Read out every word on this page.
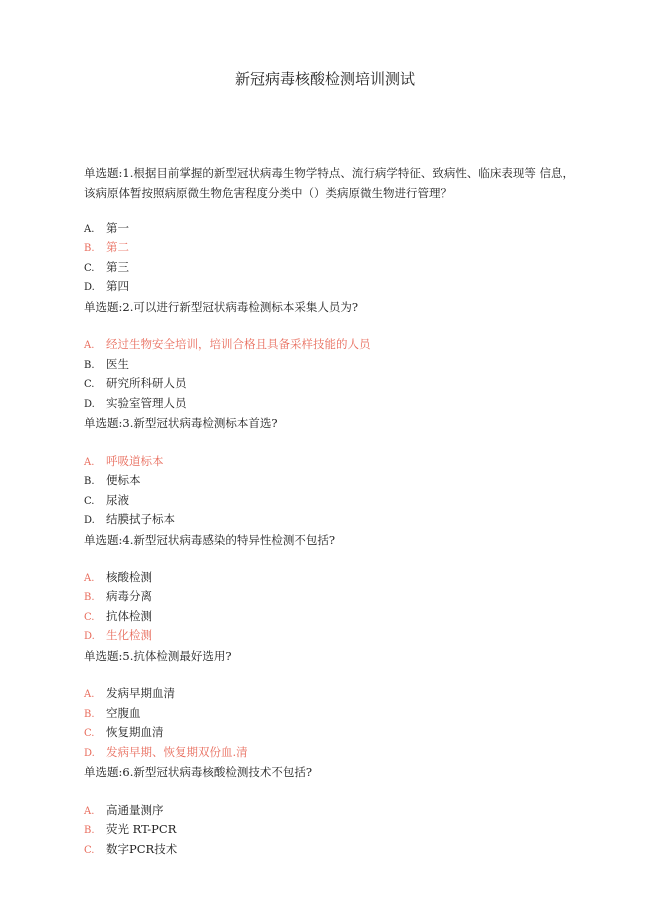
新冠病毒核酸检测培训测试
单选题:1.根据目前掌握的新型冠状病毒生物学特点、流行病学特征、致病性、临床表现等 信息，该病原体暂按照病原微生物危害程度分类中（）类病原微生物进行管理？
A. 第一
B. 第二
C. 第三
D. 第四
单选题:2.可以进行新型冠状病毒检测标本采集人员为?
A. 经过生物安全培训，培训合格且具备采样技能的人员
B. 医生
C. 研究所科研人员
D. 实验室管理人员
单选题:3.新型冠状病毒检测标本首选?
A. 呼吸道标本
B. 便标本
C. 尿液
D. 结膜拭子标本
单选题:4.新型冠状病毒感染的特异性检测不包括?
A. 核酸检测
B. 病毒分离
C. 抗体检测
D. 生化检测
单选题:5.抗体检测最好选用?
A. 发病早期血清
B. 空腹血
C. 恢复期血清
D. 发病早期、恢复期双份血.清
单选题:6.新型冠状病毒核酸检测技术不包括?
A. 高通量测序
B. 荧光 RT-PCR
C. 数字PCR技术
